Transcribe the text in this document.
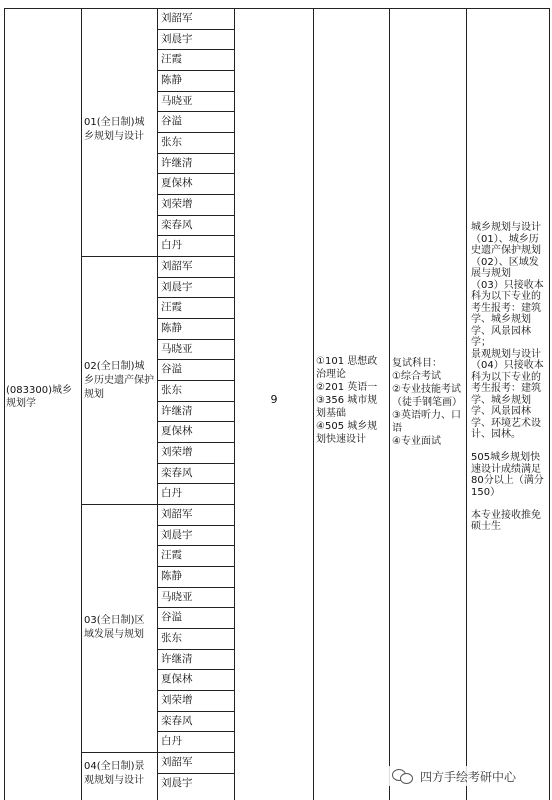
(083300)城乡规划学
01(全日制)城乡规划与设计
02(全日制)城乡历史遗产保护规划
03(全日制)区域发展与规划
04(全日制)景观规划与设计
刘韶军
刘晨宇
汪霞
陈静
马晓亚
谷溢
张东
许继清
夏保林
刘荣增
栾春风
白丹
刘韶军
刘晨宇
汪霞
陈静
马晓亚
谷溢
张东
许继清
夏保林
刘荣增
栾春风
白丹
刘韶军
刘晨宇
汪霞
陈静
马晓亚
谷溢
张东
许继清
夏保林
刘荣增
栾春风
白丹
刘韶军
刘晨宇
9
①101 思想政治理论
②201 英语一
③356 城市规划基础
④505 城乡规划快速设计
复试科目：
①综合考试
②专业技能考试（徒手钢笔画） ③英语听力、口语
④专业面试
城乡规划与设计（01）、城乡历史遗产保护规划
（02）、区域发展与规划
（03）只接收本科为以下专业的考生报考：建筑学、城乡规划学、风景园林学；
景观规划与设计（04）只接收本科为以下专业的考生报考：建筑学、城乡规划学、风景园林学、环境艺术设计、园林。

505城乡规划快速设计成绩满足80分以上（满分150）

本专业接收推免硕士生
四方手绘考研中心
